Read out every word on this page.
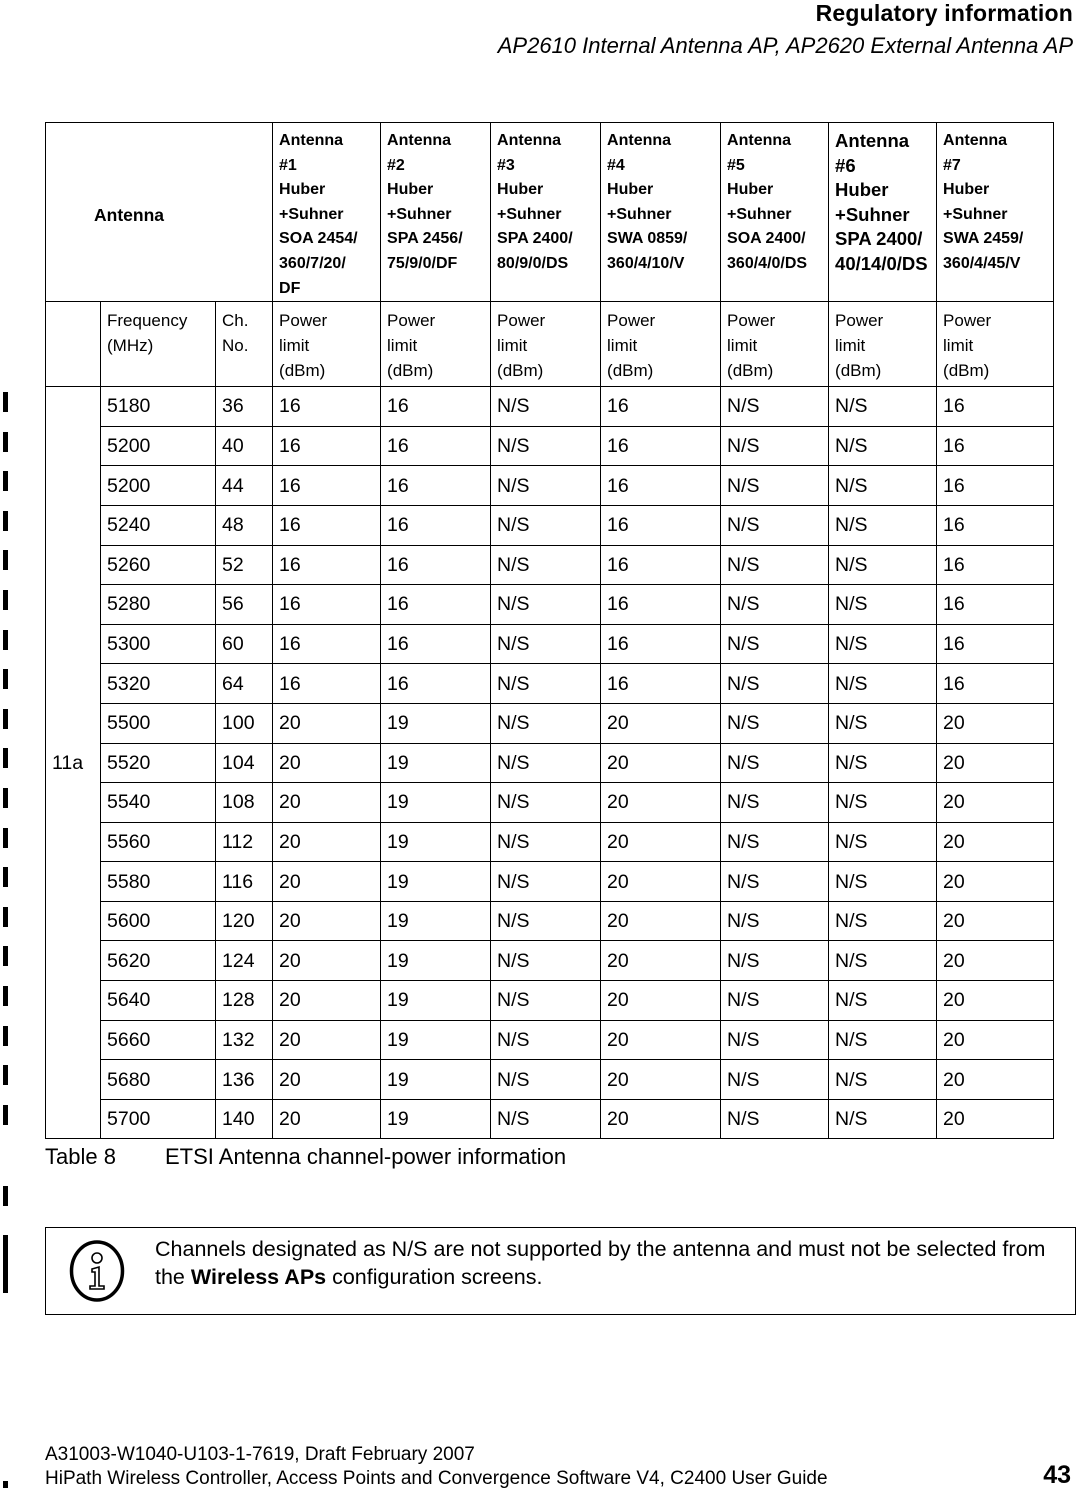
Regulatory information
AP2610 Internal Antenna AP, AP2620 External Antenna AP
Antenna	
Antenna
#1
Huber
+Suhner
SOA 2454/
360/7/20/
DF

Antenna
#2
Huber
+Suhner
SPA 2456/
75/9/0/DF

Antenna
#3
Huber
+Suhner
SPA 2400/
80/9/0/DS

Antenna
#4
Huber
+Suhner
SWA 0859/
360/4/10/V

Antenna
#5
Huber
+Suhner
SOA 2400/
360/4/0/DS

Antenna
#6
Huber
+Suhner
SPA 2400/
40/14/0/DS

Antenna
#7
Huber
+Suhner
SWA 2459/
360/4/45/V

Frequency
(MHz)

Ch.
No.

Power
limit
(dBm)

Power
limit
(dBm)

Power
limit
(dBm)

Power
limit
(dBm)

Power
limit
(dBm)

Power
limit
(dBm)

Power
limit
(dBm)

11a	5180	36	16	16	N/S	16	N/S	N/S	16
	5200	40	16	16	N/S	16	N/S	N/S	16
	5200	44	16	16	N/S	16	N/S	N/S	16
	5240	48	16	16	N/S	16	N/S	N/S	16
	5260	52	16	16	N/S	16	N/S	N/S	16
	5280	56	16	16	N/S	16	N/S	N/S	16
	5300	60	16	16	N/S	16	N/S	N/S	16
	5320	64	16	16	N/S	16	N/S	N/S	16
	5500	100	20	19	N/S	20	N/S	N/S	20
	5520	104	20	19	N/S	20	N/S	N/S	20
	5540	108	20	19	N/S	20	N/S	N/S	20
	5560	112	20	19	N/S	20	N/S	N/S	20
	5580	116	20	19	N/S	20	N/S	N/S	20
	5600	120	20	19	N/S	20	N/S	N/S	20
	5620	124	20	19	N/S	20	N/S	N/S	20
	5640	128	20	19	N/S	20	N/S	N/S	20
	5660	132	20	19	N/S	20	N/S	N/S	20
	5680	136	20	19	N/S	20	N/S	N/S	20
	5700	140	20	19	N/S	20	N/S	N/S	20
Table 8 ETSI Antenna channel-power information
Channels designated as N/S are not supported by the antenna and must not be selected from the Wireless APs configuration screens.
A31003-W1040-U103-1-7619, Draft February 2007
HiPath Wireless Controller, Access Points and Convergence Software V4, C2400 User Guide	43
